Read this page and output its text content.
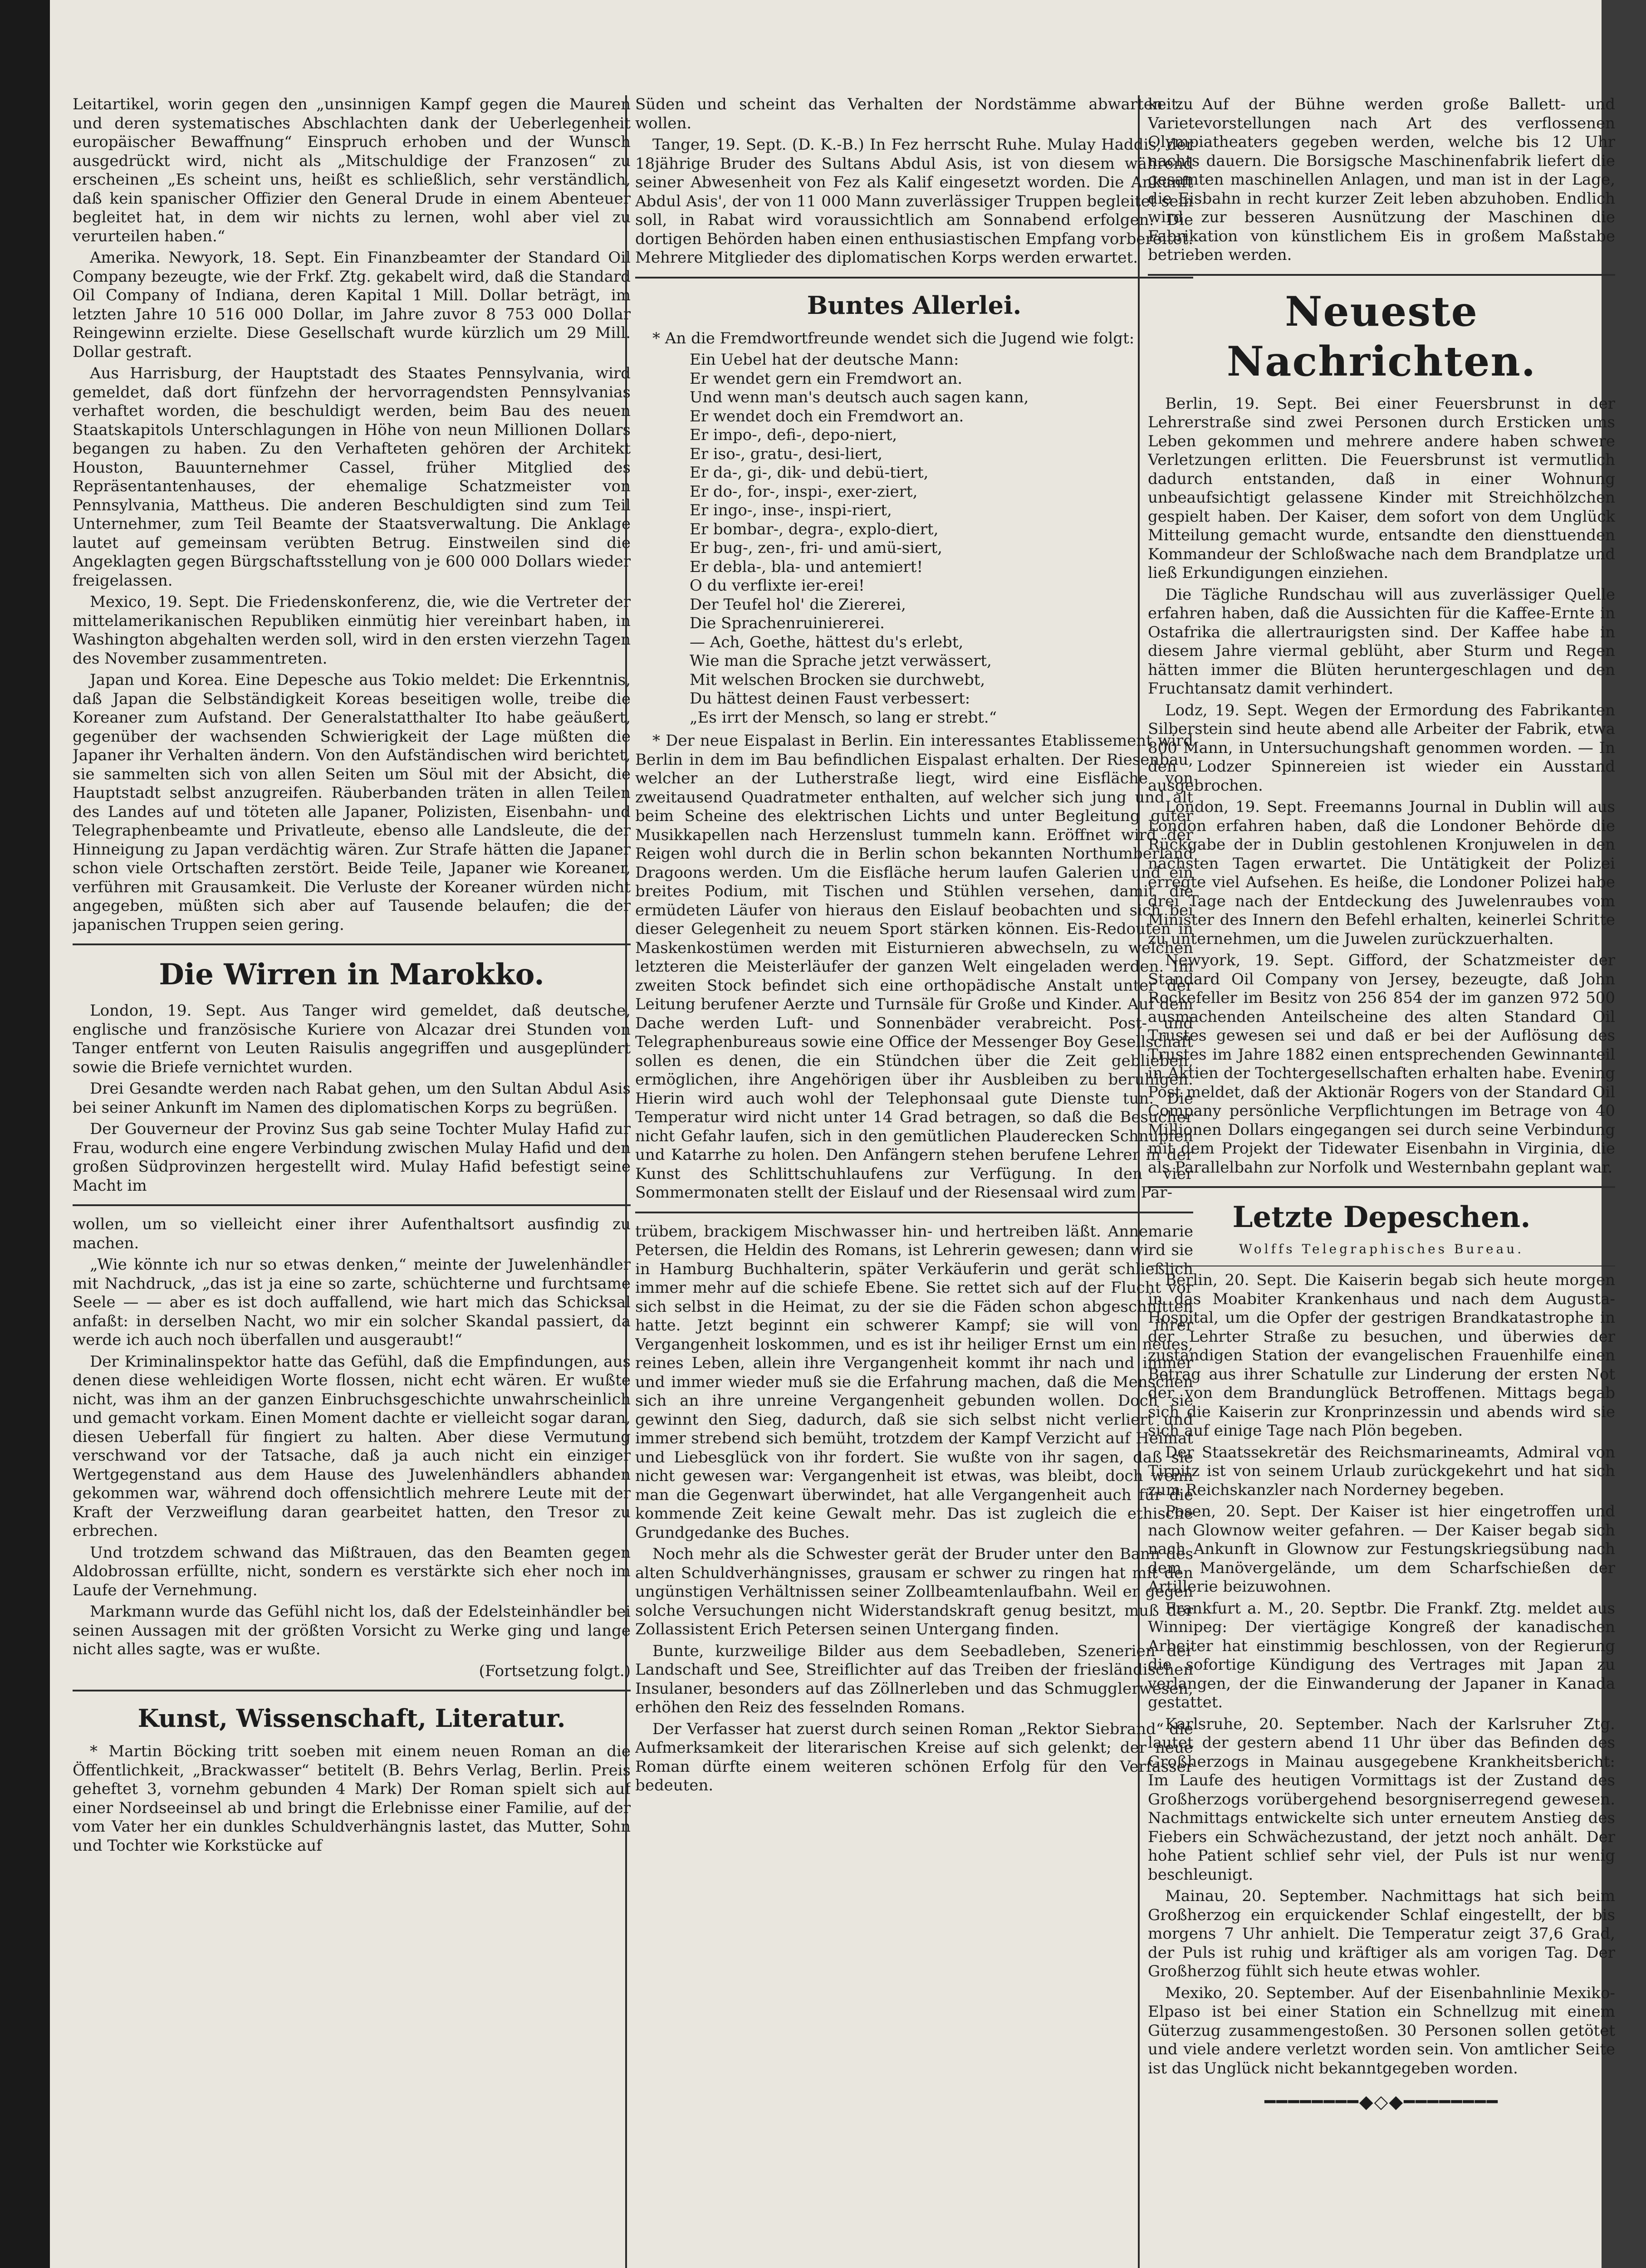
Leitartikel, worin gegen den „unsinnigen Kampf gegen die Mauren und deren systematisches Abschlachten dank der Ueberlegenheit europäischer Bewaffnung“ Einspruch erhoben und der Wunsch ausgedrückt wird, nicht als „Mitschuldige der Franzosen“ zu erscheinen „Es scheint uns, heißt es schließlich, sehr verständlich, daß kein spanischer Offizier den General Drude in einem Abenteuer begleitet hat, in dem wir nichts zu lernen, wohl aber viel zu verurteilen haben.“

Amerika. Newyork, 18. Sept. Ein Finanzbeamter der Standard Oil Company bezeugte, wie der Frkf. Ztg. gekabelt wird, daß die Standard Oil Company of Indiana, deren Kapital 1 Mill. Dollar beträgt, im letzten Jahre 10 516 000 Dollar, im Jahre zuvor 8 753 000 Dollar Reingewinn erzielte. Diese Gesellschaft wurde kürzlich um 29 Mill. Dollar gestraft.

Aus Harrisburg, der Hauptstadt des Staates Pennsylvania, wird gemeldet, daß dort fünfzehn der hervorragendsten Pennsylvanias verhaftet worden, die beschuldigt werden, beim Bau des neuen Staatskapitols Unterschlagungen in Höhe von neun Millionen Dollars begangen zu haben. Zu den Verhafteten gehören der Architekt Houston, Bauunternehmer Cassel, früher Mitglied des Repräsentantenhauses, der ehemalige Schatzmeister von Pennsylvania, Mattheus. Die anderen Beschuldigten sind zum Teil Unternehmer, zum Teil Beamte der Staatsverwaltung. Die Anklage lautet auf gemeinsam verübten Betrug. Einstweilen sind die Angeklagten gegen Bürgschaftsstellung von je 600 000 Dollars wieder freigelassen.

Mexico, 19. Sept. Die Friedenskonferenz, die, wie die Vertreter der mittelamerikanischen Republiken einmütig hier vereinbart haben, in Washington abgehalten werden soll, wird in den ersten vierzehn Tagen des November zusammentreten.

Japan und Korea. Eine Depesche aus Tokio meldet: Die Erkenntnis, daß Japan die Selbständigkeit Koreas beseitigen wolle, treibe die Koreaner zum Aufstand. Der Generalstatthalter Ito habe geäußert, gegenüber der wachsenden Schwierigkeit der Lage müßten die Japaner ihr Verhalten ändern. Von den Aufständischen wird berichtet, sie sammelten sich von allen Seiten um Söul mit der Absicht, die Hauptstadt selbst anzugreifen. Räuberbanden träten in allen Teilen des Landes auf und töteten alle Japaner, Polizisten, Eisenbahn- und Telegraphenbeamte und Privatleute, ebenso alle Landsleute, die der Hinneigung zu Japan verdächtig wären. Zur Strafe hätten die Japaner schon viele Ortschaften zerstört. Beide Teile, Japaner wie Koreaner, verführen mit Grausamkeit. Die Verluste der Koreaner würden nicht angegeben, müßten sich aber auf Tausende belaufen; die der japanischen Truppen seien gering.

Die Wirren in Marokko.

London, 19. Sept. Aus Tanger wird gemeldet, daß deutsche, englische und französische Kuriere von Alcazar drei Stunden von Tanger entfernt von Leuten Raisulis angegriffen und ausgeplündert sowie die Briefe vernichtet wurden.

Drei Gesandte werden nach Rabat gehen, um den Sultan Abdul Asis bei seiner Ankunft im Namen des diplomatischen Korps zu begrüßen.

Der Gouverneur der Provinz Sus gab seine Tochter Mulay Hafid zur Frau, wodurch eine engere Verbindung zwischen Mulay Hafid und den großen Südprovinzen hergestellt wird. Mulay Hafid befestigt seine Macht im

wollen, um so vielleicht einer ihrer Aufenthaltsort ausfindig zu machen.

„Wie könnte ich nur so etwas denken,“ meinte der Juwelenhändler mit Nachdruck, „das ist ja eine so zarte, schüchterne und furchtsame Seele — — aber es ist doch auffallend, wie hart mich das Schicksal anfaßt: in derselben Nacht, wo mir ein solcher Skandal passiert, da werde ich auch noch überfallen und ausgeraubt!“

Der Kriminalinspektor hatte das Gefühl, daß die Empfindungen, aus denen diese wehleidigen Worte flossen, nicht echt wären. Er wußte nicht, was ihm an der ganzen Einbruchsgeschichte unwahrscheinlich und gemacht vorkam. Einen Moment dachte er vielleicht sogar daran, diesen Ueberfall für fingiert zu halten. Aber diese Vermutung verschwand vor der Tatsache, daß ja auch nicht ein einziger Wertgegenstand aus dem Hause des Juwelenhändlers abhanden gekommen war, während doch offensichtlich mehrere Leute mit der Kraft der Verzweiflung daran gearbeitet hatten, den Tresor zu erbrechen.

Und trotzdem schwand das Mißtrauen, das den Beamten gegen Aldobrossan erfüllte, nicht, sondern es verstärkte sich eher noch im Laufe der Vernehmung.

Markmann wurde das Gefühl nicht los, daß der Edelsteinhändler bei seinen Aussagen mit der größten Vorsicht zu Werke ging und lange nicht alles sagte, was er wußte.

(Fortsetzung folgt.)

Kunst, Wissenschaft, Literatur.

* Martin Böcking tritt soeben mit einem neuen Roman an die Öffentlichkeit, „Brackwasser“ betitelt (B. Behrs Verlag, Berlin. Preis geheftet 3, vornehm gebunden 4 Mark) Der Roman spielt sich auf einer Nordseeinsel ab und bringt die Erlebnisse einer Familie, auf der vom Vater her ein dunkles Schuldverhängnis lastet, das Mutter, Sohn und Tochter wie Korkstücke auf

Süden und scheint das Verhalten der Nordstämme abwarten zu wollen.

Tanger, 19. Sept. (D. K.-B.) In Fez herrscht Ruhe. Mulay Haddis, der 18jährige Bruder des Sultans Abdul Asis, ist von diesem während seiner Abwesenheit von Fez als Kalif eingesetzt worden. Die Ankunft Abdul Asis', der von 11 000 Mann zuverlässiger Truppen begleitet sein soll, in Rabat wird voraussichtlich am Sonnabend erfolgen. Die dortigen Behörden haben einen enthusiastischen Empfang vorbereitet. Mehrere Mitglieder des diplomatischen Korps werden erwartet.

Buntes Allerlei.

* An die Fremdwortfreunde wendet sich die Jugend wie folgt:

Ein Uebel hat der deutsche Mann:
Er wendet gern ein Fremdwort an.
Und wenn man's deutsch auch sagen kann,
Er wendet doch ein Fremdwort an.
Er impo-, defi-, depo-niert,
Er iso-, gratu-, desi-liert,
Er da-, gi-, dik- und debü-tiert,
Er do-, for-, inspi-, exer-ziert,
Er ingo-, inse-, inspi-riert,
Er bombar-, degra-, explo-diert,
Er bug-, zen-, fri- und amü-siert,
Er debla-, bla- und antemiert!
O du verflixte ier-erei!
Der Teufel hol' die Ziererei,
Die Sprachenruiniererei.
— Ach, Goethe, hättest du's erlebt,
Wie man die Sprache jetzt verwässert,
Mit welschen Brocken sie durchwebt,
Du hättest deinen Faust verbessert:
„Es irrt der Mensch, so lang er strebt.“

* Der neue Eispalast in Berlin. Ein interessantes Etablissement wird Berlin in dem im Bau befindlichen Eispalast erhalten. Der Riesenbau, welcher an der Lutherstraße liegt, wird eine Eisfläche von zweitausend Quadratmeter enthalten, auf welcher sich jung und alt beim Scheine des elektrischen Lichts und unter Begleitung guter Musikkapellen nach Herzenslust tummeln kann. Eröffnet wird der Reigen wohl durch die in Berlin schon bekannten Northumberland Dragoons werden. Um die Eisfläche herum laufen Galerien und ein breites Podium, mit Tischen und Stühlen versehen, damit die ermüdeten Läufer von hieraus den Eislauf beobachten und sich bei dieser Gelegenheit zu neuem Sport stärken können. Eis-Redouten in Maskenkostümen werden mit Eisturnieren abwechseln, zu welchen letzteren die Meisterläufer der ganzen Welt eingeladen werden. Im zweiten Stock befindet sich eine orthopädische Anstalt unter der Leitung berufener Aerzte und Turnsäle für Große und Kinder. Auf dem Dache werden Luft- und Sonnenbäder verabreicht. Post- und Telegraphenbureaus sowie eine Office der Messenger Boy Gesellschaft sollen es denen, die ein Stündchen über die Zeit geblieben, ermöglichen, ihre Angehörigen über ihr Ausbleiben zu beruhigen. Hierin wird auch wohl der Telephonsaal gute Dienste tun. Die Temperatur wird nicht unter 14 Grad betragen, so daß die Besucher nicht Gefahr laufen, sich in den gemütlichen Plauderecken Schnupfen und Katarrhe zu holen. Den Anfängern stehen berufene Lehrer in der Kunst des Schlittschuhlaufens zur Verfügung. In den vier Sommermonaten stellt der Eislauf und der Riesensaal wird zum Par-

trübem, brackigem Mischwasser hin- und hertreiben läßt. Annemarie Petersen, die Heldin des Romans, ist Lehrerin gewesen; dann wird sie in Hamburg Buchhalterin, später Verkäuferin und gerät schließlich immer mehr auf die schiefe Ebene. Sie rettet sich auf der Flucht vor sich selbst in die Heimat, zu der sie die Fäden schon abgeschnitten hatte. Jetzt beginnt ein schwerer Kampf; sie will von ihrer Vergangenheit loskommen, und es ist ihr heiliger Ernst um ein neues, reines Leben, allein ihre Vergangenheit kommt ihr nach und immer und immer wieder muß sie die Erfahrung machen, daß die Menschen sich an ihre unreine Vergangenheit gebunden wollen. Doch sie gewinnt den Sieg, dadurch, daß sie sich selbst nicht verliert und immer strebend sich bemüht, trotzdem der Kampf Verzicht auf Heimat und Liebesglück von ihr fordert. Sie wußte von ihr sagen, daß sie nicht gewesen war: Vergangenheit ist etwas, was bleibt, doch wenn man die Gegenwart überwindet, hat alle Vergangenheit auch für die kommende Zeit keine Gewalt mehr. Das ist zugleich die ethische Grundgedanke des Buches.

Noch mehr als die Schwester gerät der Bruder unter den Bann des alten Schuldverhängnisses, grausam er schwer zu ringen hat mit den ungünstigen Verhältnissen seiner Zollbeamtenlaufbahn. Weil er gegen solche Versuchungen nicht Widerstandskraft genug besitzt, muß der Zollassistent Erich Petersen seinen Untergang finden.

Bunte, kurzweilige Bilder aus dem Seebadleben, Szenerien der Landschaft und See, Streiflichter auf das Treiben der friesländischen Insulaner, besonders auf das Zöllnerleben und das Schmugglerwesen, erhöhen den Reiz des fesselnden Romans.

Der Verfasser hat zuerst durch seinen Roman „Rektor Siebrand“ die Aufmerksamkeit der literarischen Kreise auf sich gelenkt; der neue Roman dürfte einem weiteren schönen Erfolg für den Verfasser bedeuten.

keit. Auf der Bühne werden große Ballett- und Varietevorstellungen nach Art des verflossenen Olympiatheaters gegeben werden, welche bis 12 Uhr nachts dauern. Die Borsigsche Maschinenfabrik liefert die gesamten maschinellen Anlagen, und man ist in der Lage, die Eisbahn in recht kurzer Zeit leben abzuhoben. Endlich wird zur besseren Ausnützung der Maschinen die Fabrikation von künstlichem Eis in großem Maßstabe betrieben werden.

Neueste Nachrichten.

Berlin, 19. Sept. Bei einer Feuersbrunst in der Lehrerstraße sind zwei Personen durch Ersticken ums Leben gekommen und mehrere andere haben schwere Verletzungen erlitten. Die Feuersbrunst ist vermutlich dadurch entstanden, daß in einer Wohnung unbeaufsichtigt gelassene Kinder mit Streichhölzchen gespielt haben. Der Kaiser, dem sofort von dem Unglück Mitteilung gemacht wurde, entsandte den diensttuenden Kommandeur der Schloßwache nach dem Brandplatze und ließ Erkundigungen einziehen.

Die Tägliche Rundschau will aus zuverlässiger Quelle erfahren haben, daß die Aussichten für die Kaffee-Ernte in Ostafrika die allertraurigsten sind. Der Kaffee habe in diesem Jahre viermal geblüht, aber Sturm und Regen hätten immer die Blüten heruntergeschlagen und den Fruchtansatz damit verhindert.

Lodz, 19. Sept. Wegen der Ermordung des Fabrikanten Silberstein sind heute abend alle Arbeiter der Fabrik, etwa 800 Mann, in Untersuchungshaft genommen worden. — In den Lodzer Spinnereien ist wieder ein Ausstand ausgebrochen.

London, 19. Sept. Freemanns Journal in Dublin will aus London erfahren haben, daß die Londoner Behörde die Rückgabe der in Dublin gestohlenen Kronjuwelen in den nächsten Tagen erwartet. Die Untätigkeit der Polizei erregte viel Aufsehen. Es heiße, die Londoner Polizei habe drei Tage nach der Entdeckung des Juwelenraubes vom Minister des Innern den Befehl erhalten, keinerlei Schritte zu unternehmen, um die Juwelen zurückzuerhalten.

Newyork, 19. Sept. Gifford, der Schatzmeister der Standard Oil Company von Jersey, bezeugte, daß John Rockefeller im Besitz von 256 854 der im ganzen 972 500 ausmachenden Anteilscheine des alten Standard Oil Trustes gewesen sei und daß er bei der Auflösung des Trustes im Jahre 1882 einen entsprechenden Gewinnanteil in Aktien der Tochtergesellschaften erhalten habe. Evening Post meldet, daß der Aktionär Rogers von der Standard Oil Company persönliche Verpflichtungen im Betrage von 40 Millionen Dollars eingegangen sei durch seine Verbindung mit dem Projekt der Tidewater Eisenbahn in Virginia, die als Parallelbahn zur Norfolk und Westernbahn geplant war.

Letzte Depeschen.
Wolffs Telegraphisches Bureau.

Berlin, 20. Sept. Die Kaiserin begab sich heute morgen in das Moabiter Krankenhaus und nach dem Augusta-Hospital, um die Opfer der gestrigen Brandkatastrophe in der Lehrter Straße zu besuchen, und überwies der zuständigen Station der evangelischen Frauenhilfe einen Betrag aus ihrer Schatulle zur Linderung der ersten Not der von dem Brandunglück Betroffenen. Mittags begab sich die Kaiserin zur Kronprinzessin und abends wird sie sich auf einige Tage nach Plön begeben.

Der Staatssekretär des Reichsmarineamts, Admiral von Tirpitz ist von seinem Urlaub zurückgekehrt und hat sich zum Reichskanzler nach Norderney begeben.

Posen, 20. Sept. Der Kaiser ist hier eingetroffen und nach Glownow weiter gefahren. — Der Kaiser begab sich nach Ankunft in Glownow zur Festungskriegsübung nach dem Manövergelände, um dem Scharfschießen der Artillerie beizuwohnen.

Frankfurt a. M., 20. Septbr. Die Frankf. Ztg. meldet aus Winnipeg: Der viertägige Kongreß der kanadischen Arbeiter hat einstimmig beschlossen, von der Regierung die sofortige Kündigung des Vertrages mit Japan zu verlangen, der die Einwanderung der Japaner in Kanada gestattet.

Karlsruhe, 20. September. Nach der Karlsruher Ztg. lautet der gestern abend 11 Uhr über das Befinden des Großherzogs in Mainau ausgegebene Krankheitsbericht: Im Laufe des heutigen Vormittags ist der Zustand des Großherzogs vorübergehend besorgniserregend gewesen. Nachmittags entwickelte sich unter erneutem Anstieg des Fiebers ein Schwächezustand, der jetzt noch anhält. Der hohe Patient schlief sehr viel, der Puls ist nur wenig beschleunigt.

Mainau, 20. September. Nachmittags hat sich beim Großherzog ein erquickender Schlaf eingestellt, der bis morgens 7 Uhr anhielt. Die Temperatur zeigt 37,6 Grad, der Puls ist ruhig und kräftiger als am vorigen Tag. Der Großherzog fühlt sich heute etwas wohler.

Mexiko, 20. September. Auf der Eisenbahnlinie Mexiko-Elpaso ist bei einer Station ein Schnellzug mit einem Güterzug zusammengestoßen. 30 Personen sollen getötet und viele andere verletzt worden sein. Von amtlicher Seite ist das Unglück nicht bekanntgegeben worden.

━━━━━━━━◆◇◆━━━━━━━━
